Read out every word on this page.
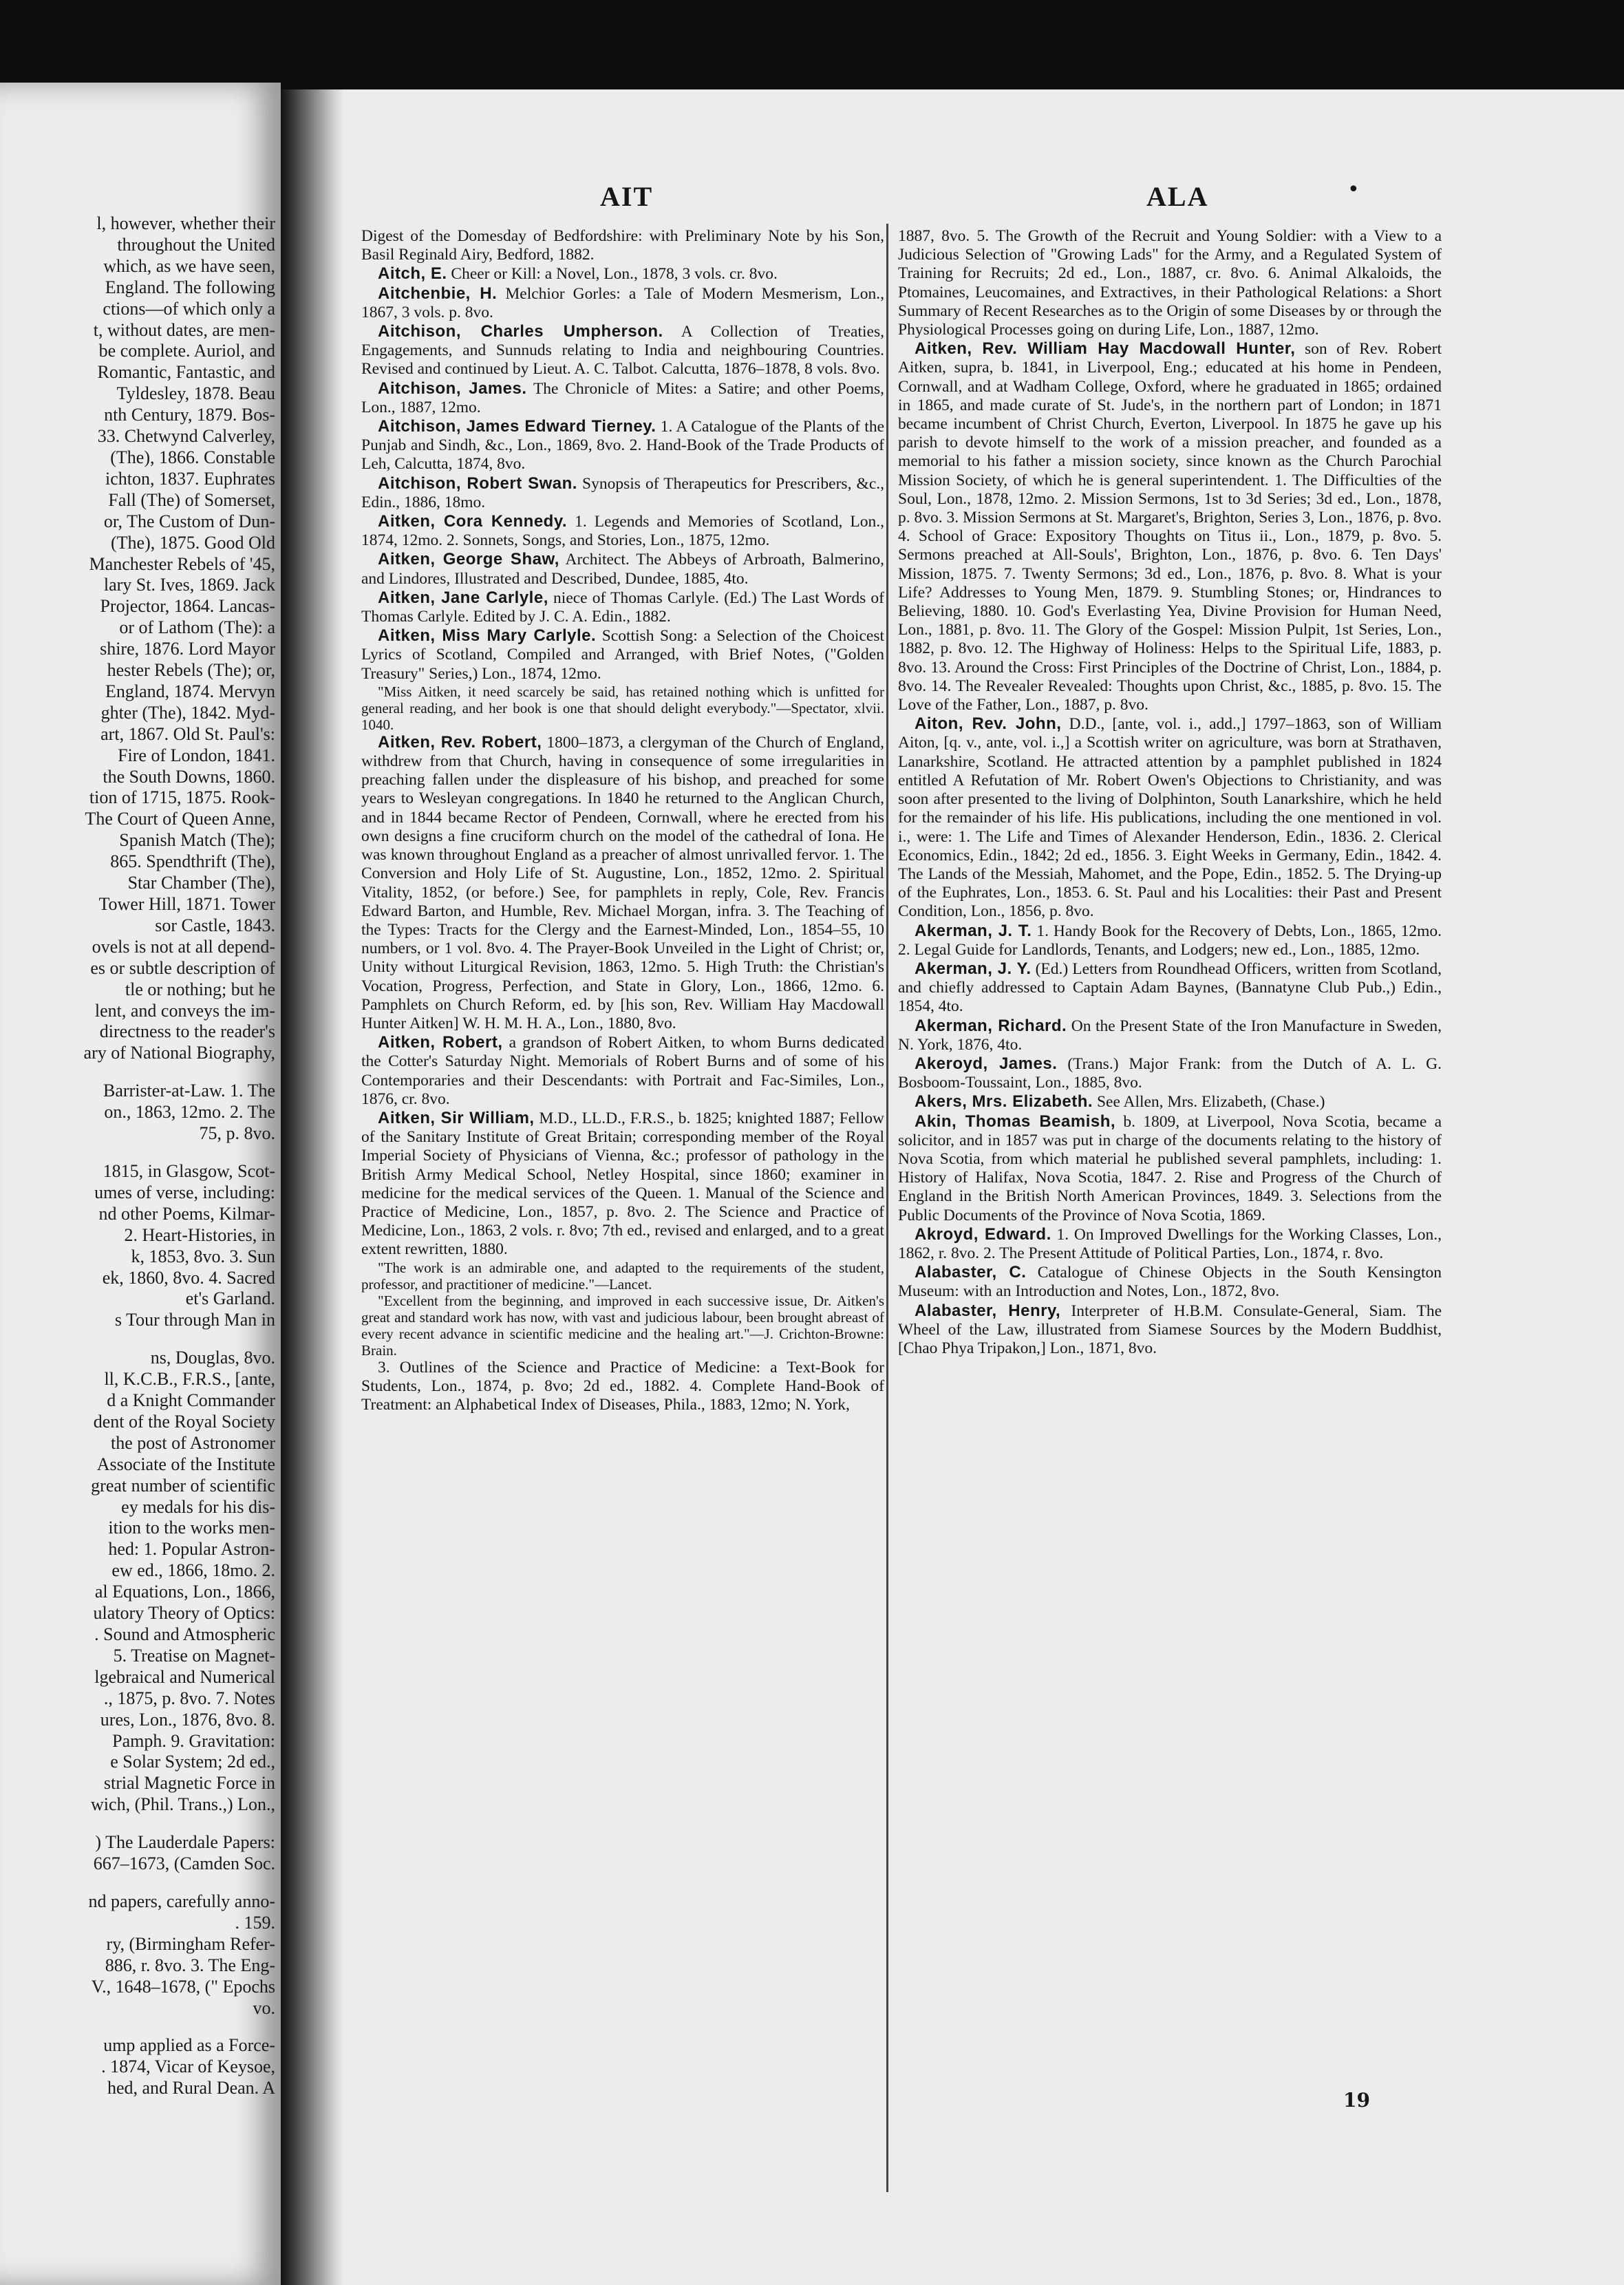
l, however, whether their
throughout the United
which, as we have seen,
England. The following
ctions—of which only a
t, without dates, are men-
be complete. Auriol, and
Romantic, Fantastic, and
Tyldesley, 1878. Beau
nth Century, 1879. Bos-
33. Chetwynd Calverley,
(The), 1866. Constable
ichton, 1837. Euphrates
Fall (The) of Somerset,
or, The Custom of Dun-
(The), 1875. Good Old
Manchester Rebels of '45,
lary St. Ives, 1869. Jack
Projector, 1864. Lancas-
or of Lathom (The): a
shire, 1876. Lord Mayor
hester Rebels (The); or,
England, 1874. Mervyn
ghter (The), 1842. Myd-
art, 1867. Old St. Paul's:
Fire of London, 1841.
the South Downs, 1860.
tion of 1715, 1875. Rook-
The Court of Queen Anne,
Spanish Match (The);
865. Spendthrift (The),
Star Chamber (The),
Tower Hill, 1871. Tower
sor Castle, 1843.
ovels is not at all depend-
es or subtle description of
tle or nothing; but he
lent, and conveys the im-
directness to the reader's
ary of National Biography,
Barrister-at-Law. 1. The
on., 1863, 12mo. 2. The
75, p. 8vo.
1815, in Glasgow, Scot-
umes of verse, including:
nd other Poems, Kilmar-
2. Heart-Histories, in
k, 1853, 8vo. 3. Sun
ek, 1860, 8vo. 4. Sacred
et's Garland.
s Tour through Man in
ns, Douglas, 8vo.
ll, K.C.B., F.R.S., [ante,
d a Knight Commander
dent of the Royal Society
the post of Astronomer
Associate of the Institute
great number of scientific
ey medals for his dis-
ition to the works men-
hed: 1. Popular Astron-
ew ed., 1866, 18mo. 2.
al Equations, Lon., 1866,
ulatory Theory of Optics:
. Sound and Atmospheric
5. Treatise on Magnet-
lgebraical and Numerical
., 1875, p. 8vo. 7. Notes
ures, Lon., 1876, 8vo. 8.
Pamph. 9. Gravitation:
e Solar System; 2d ed.,
strial Magnetic Force in
wich, (Phil. Trans.,) Lon.,
) The Lauderdale Papers:
667–1673, (Camden Soc.
nd papers, carefully anno-
. 159.
ry, (Birmingham Refer-
886, r. 8vo. 3. The Eng-
V., 1648–1678, (" Epochs
vo.
ump applied as a Force-
. 1874, Vicar of Keysoe,
hed, and Rural Dean. A
AIT	ALA	•

Digest of the Domesday of Bedfordshire: with Preliminary Note by his Son, Basil Reginald Airy, Bedford, 1882.

Aitch, E. Cheer or Kill: a Novel, Lon., 1878, 3 vols. cr. 8vo.

Aitchenbie, H. Melchior Gorles: a Tale of Modern Mesmerism, Lon., 1867, 3 vols. p. 8vo.

Aitchison, Charles Umpherson. A Collection of Treaties, Engagements, and Sunnuds relating to India and neighbouring Countries. Revised and continued by Lieut. A. C. Talbot. Calcutta, 1876–1878, 8 vols. 8vo.

Aitchison, James. The Chronicle of Mites: a Satire; and other Poems, Lon., 1887, 12mo.

Aitchison, James Edward Tierney. 1. A Catalogue of the Plants of the Punjab and Sindh, &c., Lon., 1869, 8vo. 2. Hand-Book of the Trade Products of Leh, Calcutta, 1874, 8vo.

Aitchison, Robert Swan. Synopsis of Therapeutics for Prescribers, &c., Edin., 1886, 18mo.

Aitken, Cora Kennedy. 1. Legends and Memories of Scotland, Lon., 1874, 12mo. 2. Sonnets, Songs, and Stories, Lon., 1875, 12mo.

Aitken, George Shaw, Architect. The Abbeys of Arbroath, Balmerino, and Lindores, Illustrated and Described, Dundee, 1885, 4to.

Aitken, Jane Carlyle, niece of Thomas Carlyle. (Ed.) The Last Words of Thomas Carlyle. Edited by J. C. A. Edin., 1882.

Aitken, Miss Mary Carlyle. Scottish Song: a Selection of the Choicest Lyrics of Scotland, Compiled and Arranged, with Brief Notes, ("Golden Treasury" Series,) Lon., 1874, 12mo.

"Miss Aitken, it need scarcely be said, has retained nothing which is unfitted for general reading, and her book is one that should delight everybody."—Spectator, xlvii. 1040.

Aitken, Rev. Robert, 1800–1873, a clergyman of the Church of England, withdrew from that Church, having in consequence of some irregularities in preaching fallen under the displeasure of his bishop, and preached for some years to Wesleyan congregations. In 1840 he returned to the Anglican Church, and in 1844 became Rector of Pendeen, Cornwall, where he erected from his own designs a fine cruciform church on the model of the cathedral of Iona. He was known throughout England as a preacher of almost unrivalled fervor. 1. The Conversion and Holy Life of St. Augustine, Lon., 1852, 12mo. 2. Spiritual Vitality, 1852, (or before.) See, for pamphlets in reply, Cole, Rev. Francis Edward Barton, and Humble, Rev. Michael Morgan, infra. 3. The Teaching of the Types: Tracts for the Clergy and the Earnest-Minded, Lon., 1854–55, 10 numbers, or 1 vol. 8vo. 4. The Prayer-Book Unveiled in the Light of Christ; or, Unity without Liturgical Revision, 1863, 12mo. 5. High Truth: the Christian's Vocation, Progress, Perfection, and State in Glory, Lon., 1866, 12mo. 6. Pamphlets on Church Reform, ed. by [his son, Rev. William Hay Macdowall Hunter Aitken] W. H. M. H. A., Lon., 1880, 8vo.

Aitken, Robert, a grandson of Robert Aitken, to whom Burns dedicated the Cotter's Saturday Night. Memorials of Robert Burns and of some of his Contemporaries and their Descendants: with Portrait and Fac-Similes, Lon., 1876, cr. 8vo.

Aitken, Sir William, M.D., LL.D., F.R.S., b. 1825; knighted 1887; Fellow of the Sanitary Institute of Great Britain; corresponding member of the Royal Imperial Society of Physicians of Vienna, &c.; professor of pathology in the British Army Medical School, Netley Hospital, since 1860; examiner in medicine for the medical services of the Queen. 1. Manual of the Science and Practice of Medicine, Lon., 1857, p. 8vo. 2. The Science and Practice of Medicine, Lon., 1863, 2 vols. r. 8vo; 7th ed., revised and enlarged, and to a great extent rewritten, 1880.

"The work is an admirable one, and adapted to the requirements of the student, professor, and practitioner of medicine."—Lancet.

"Excellent from the beginning, and improved in each successive issue, Dr. Aitken's great and standard work has now, with vast and judicious labour, been brought abreast of every recent advance in scientific medicine and the healing art."—J. Crichton-Browne: Brain.

3. Outlines of the Science and Practice of Medicine: a Text-Book for Students, Lon., 1874, p. 8vo; 2d ed., 1882. 4. Complete Hand-Book of Treatment: an Alphabetical Index of Diseases, Phila., 1883, 12mo; N. York,

1887, 8vo. 5. The Growth of the Recruit and Young Soldier: with a View to a Judicious Selection of "Growing Lads" for the Army, and a Regulated System of Training for Recruits; 2d ed., Lon., 1887, cr. 8vo. 6. Animal Alkaloids, the Ptomaines, Leucomaines, and Extractives, in their Pathological Relations: a Short Summary of Recent Researches as to the Origin of some Diseases by or through the Physiological Processes going on during Life, Lon., 1887, 12mo.

Aitken, Rev. William Hay Macdowall Hunter, son of Rev. Robert Aitken, supra, b. 1841, in Liverpool, Eng.; educated at his home in Pendeen, Cornwall, and at Wadham College, Oxford, where he graduated in 1865; ordained in 1865, and made curate of St. Jude's, in the northern part of London; in 1871 became incumbent of Christ Church, Everton, Liverpool. In 1875 he gave up his parish to devote himself to the work of a mission preacher, and founded as a memorial to his father a mission society, since known as the Church Parochial Mission Society, of which he is general superintendent. 1. The Difficulties of the Soul, Lon., 1878, 12mo. 2. Mission Sermons, 1st to 3d Series; 3d ed., Lon., 1878, p. 8vo. 3. Mission Sermons at St. Margaret's, Brighton, Series 3, Lon., 1876, p. 8vo. 4. School of Grace: Expository Thoughts on Titus ii., Lon., 1879, p. 8vo. 5. Sermons preached at All-Souls', Brighton, Lon., 1876, p. 8vo. 6. Ten Days' Mission, 1875. 7. Twenty Sermons; 3d ed., Lon., 1876, p. 8vo. 8. What is your Life? Addresses to Young Men, 1879. 9. Stumbling Stones; or, Hindrances to Believing, 1880. 10. God's Everlasting Yea, Divine Provision for Human Need, Lon., 1881, p. 8vo. 11. The Glory of the Gospel: Mission Pulpit, 1st Series, Lon., 1882, p. 8vo. 12. The Highway of Holiness: Helps to the Spiritual Life, 1883, p. 8vo. 13. Around the Cross: First Principles of the Doctrine of Christ, Lon., 1884, p. 8vo. 14. The Revealer Revealed: Thoughts upon Christ, &c., 1885, p. 8vo. 15. The Love of the Father, Lon., 1887, p. 8vo.

Aiton, Rev. John, D.D., [ante, vol. i., add.,] 1797–1863, son of William Aiton, [q. v., ante, vol. i.,] a Scottish writer on agriculture, was born at Strathaven, Lanarkshire, Scotland. He attracted attention by a pamphlet published in 1824 entitled A Refutation of Mr. Robert Owen's Objections to Christianity, and was soon after presented to the living of Dolphinton, South Lanarkshire, which he held for the remainder of his life. His publications, including the one mentioned in vol. i., were: 1. The Life and Times of Alexander Henderson, Edin., 1836. 2. Clerical Economics, Edin., 1842; 2d ed., 1856. 3. Eight Weeks in Germany, Edin., 1842. 4. The Lands of the Messiah, Mahomet, and the Pope, Edin., 1852. 5. The Drying-up of the Euphrates, Lon., 1853. 6. St. Paul and his Localities: their Past and Present Condition, Lon., 1856, p. 8vo.

Akerman, J. T. 1. Handy Book for the Recovery of Debts, Lon., 1865, 12mo. 2. Legal Guide for Landlords, Tenants, and Lodgers; new ed., Lon., 1885, 12mo.

Akerman, J. Y. (Ed.) Letters from Roundhead Officers, written from Scotland, and chiefly addressed to Captain Adam Baynes, (Bannatyne Club Pub.,) Edin., 1854, 4to.

Akerman, Richard. On the Present State of the Iron Manufacture in Sweden, N. York, 1876, 4to.

Akeroyd, James. (Trans.) Major Frank: from the Dutch of A. L. G. Bosboom-Toussaint, Lon., 1885, 8vo.

Akers, Mrs. Elizabeth. See Allen, Mrs. Elizabeth, (Chase.)

Akin, Thomas Beamish, b. 1809, at Liverpool, Nova Scotia, became a solicitor, and in 1857 was put in charge of the documents relating to the history of Nova Scotia, from which material he published several pamphlets, including: 1. History of Halifax, Nova Scotia, 1847. 2. Rise and Progress of the Church of England in the British North American Provinces, 1849. 3. Selections from the Public Documents of the Province of Nova Scotia, 1869.

Akroyd, Edward. 1. On Improved Dwellings for the Working Classes, Lon., 1862, r. 8vo. 2. The Present Attitude of Political Parties, Lon., 1874, r. 8vo.

Alabaster, C. Catalogue of Chinese Objects in the South Kensington Museum: with an Introduction and Notes, Lon., 1872, 8vo.

Alabaster, Henry, Interpreter of H.B.M. Consulate-General, Siam. The Wheel of the Law, illustrated from Siamese Sources by the Modern Buddhist, [Chao Phya Tripakon,] Lon., 1871, 8vo.

19
